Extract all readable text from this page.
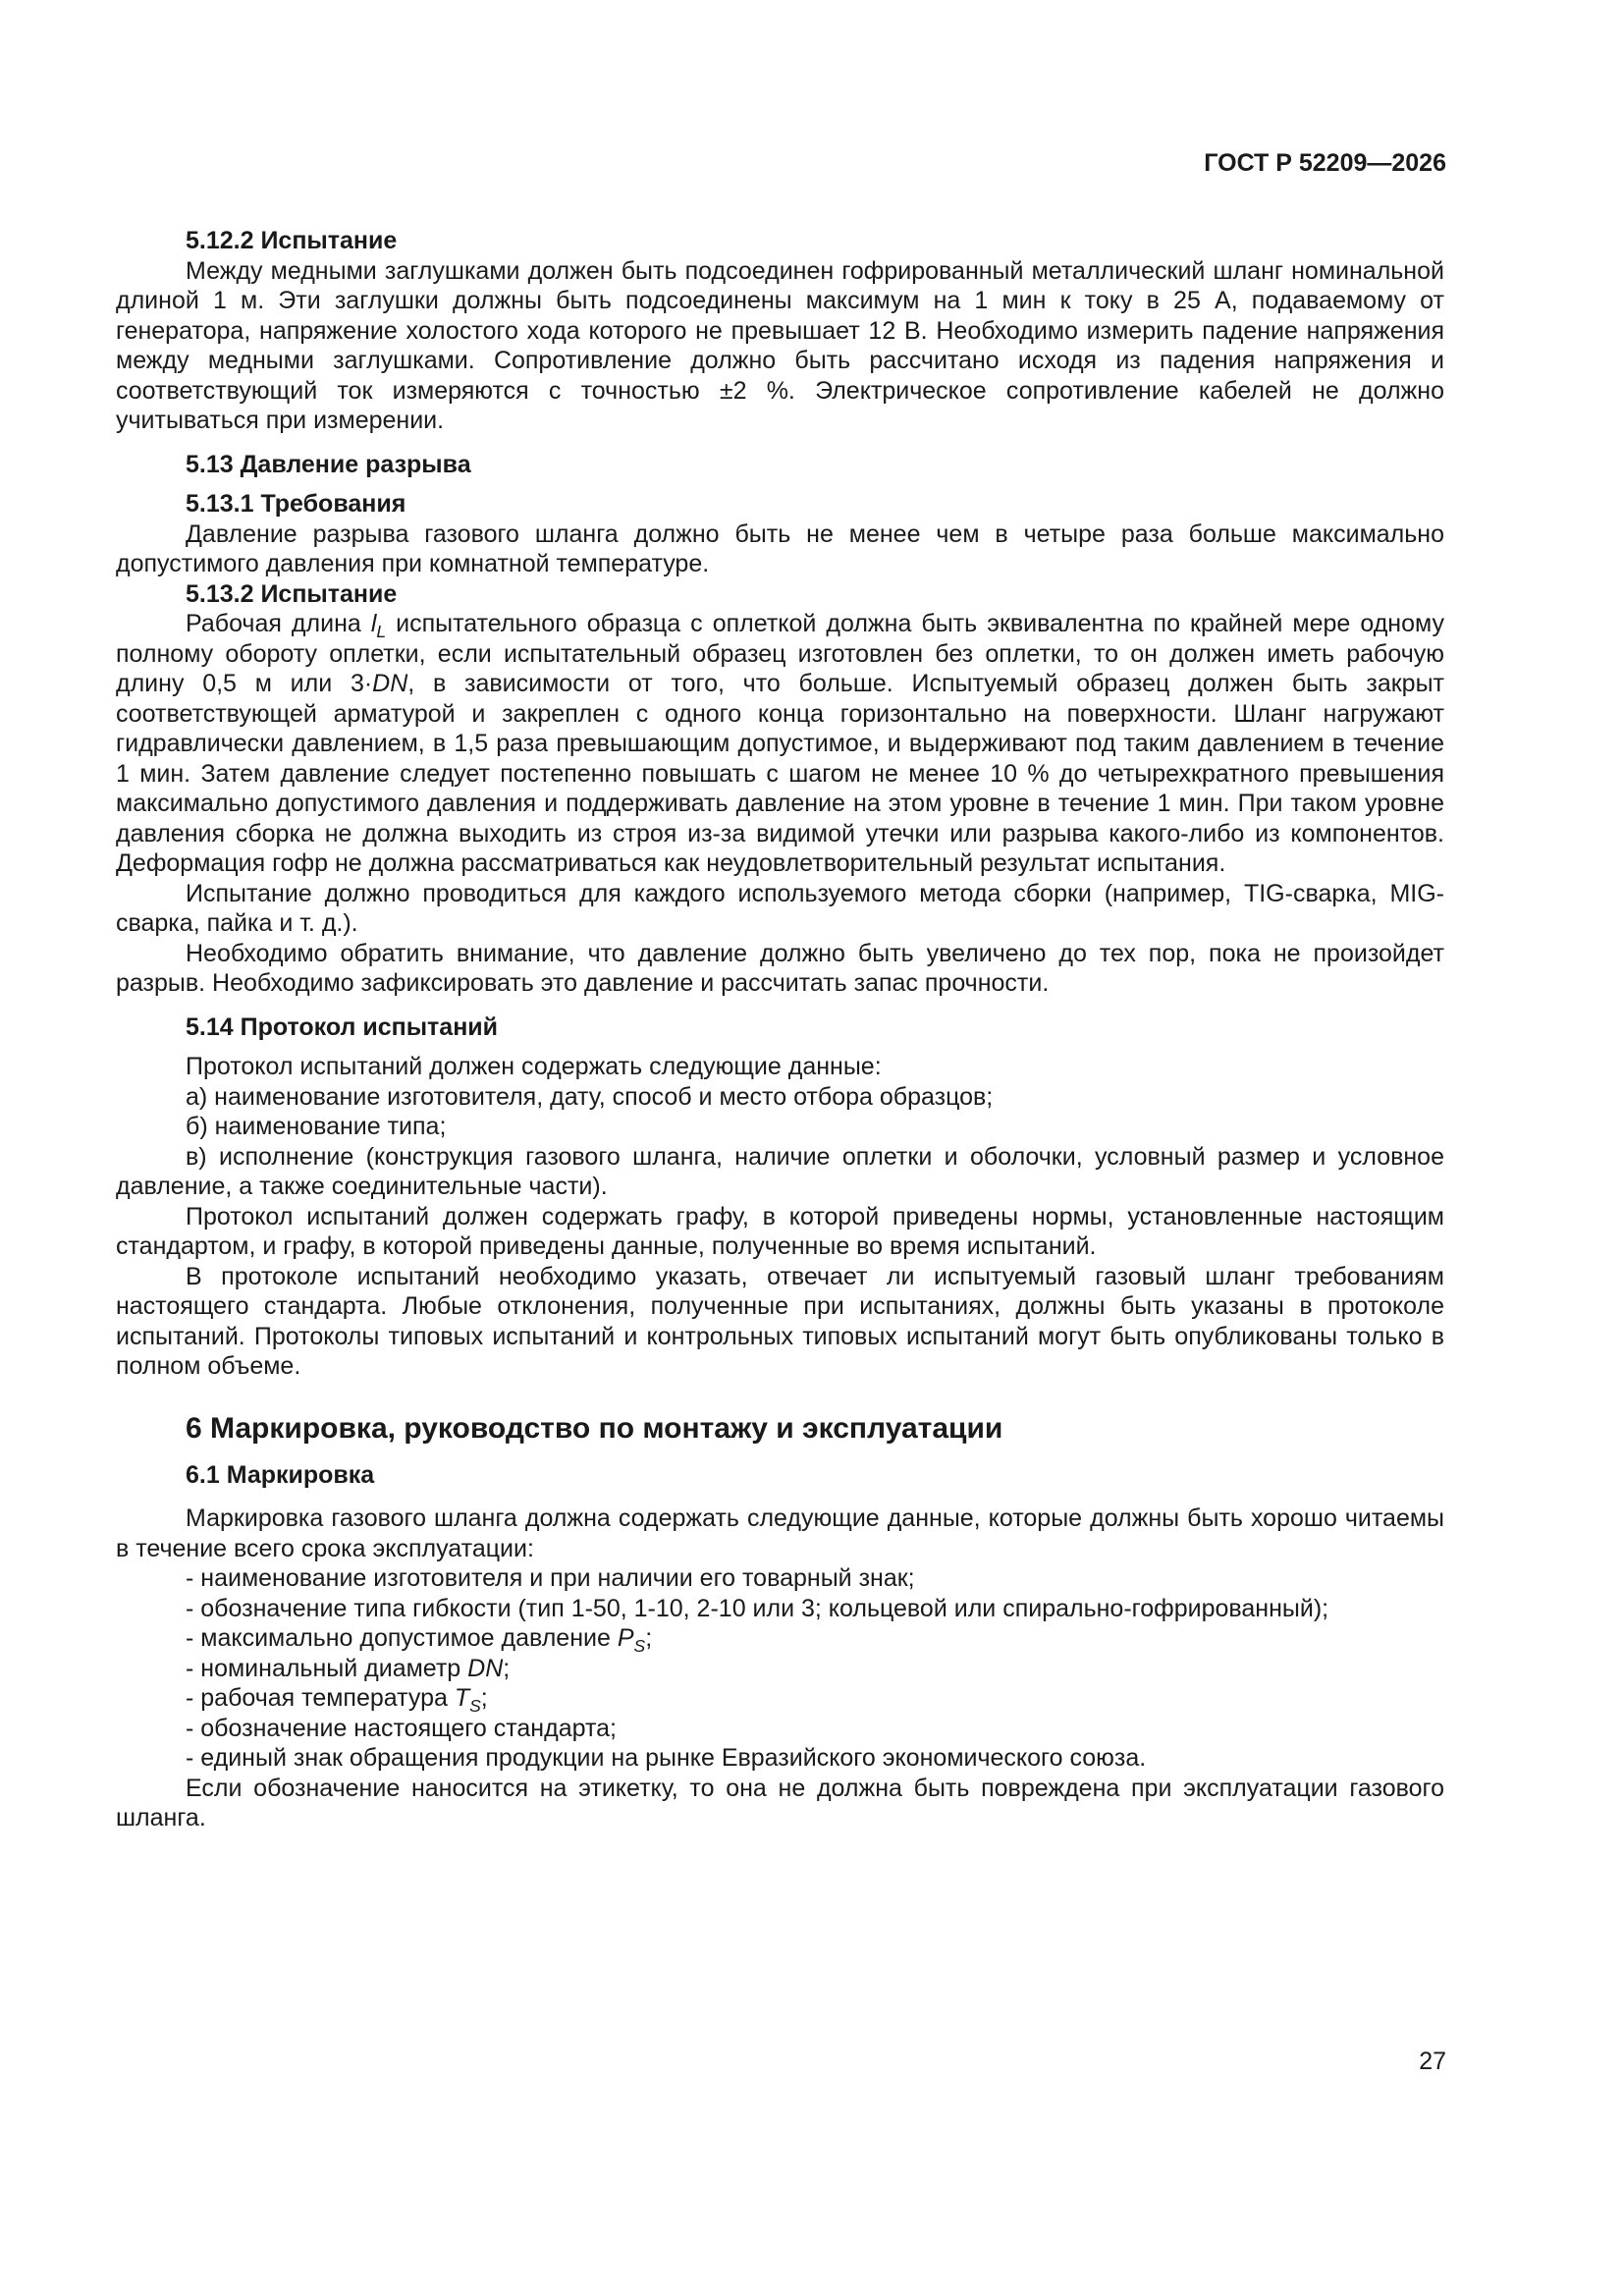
ГОСТ Р 52209—2026

5.12.2 Испытание

Между медными заглушками должен быть подсоединен гофрированный металлический шланг номинальной длиной 1 м. Эти заглушки должны быть подсоединены максимум на 1 мин к току в 25 А, подаваемому от генератора, напряжение холостого хода которого не превышает 12 В. Необходимо измерить падение напряжения между медными заглушками. Сопротивление должно быть рассчитано исходя из падения напряжения и соответствующий ток измеряются с точностью ±2 %. Электрическое сопротивление кабелей не должно учитываться при измерении.

5.13 Давление разрыва

5.13.1 Требования

Давление разрыва газового шланга должно быть не менее чем в четыре раза больше максимально допустимого давления при комнатной температуре.

5.13.2 Испытание

Рабочая длина $l_L$ испытательного образца с оплеткой должна быть эквивалентна по крайней мере одному полному обороту оплетки, если испытательный образец изготовлен без оплетки, то он должен иметь рабочую длину 0,5 м или 3·DN, в зависимости от того, что больше. Испытуемый образец должен быть закрыт соответствующей арматурой и закреплен с одного конца горизонтально на поверхности. Шланг нагружают гидравлически давлением, в 1,5 раза превышающим допустимое, и выдерживают под таким давлением в течение 1 мин. Затем давление следует постепенно повышать с шагом не менее 10 % до четырехкратного превышения максимально допустимого давления и поддерживать давление на этом уровне в течение 1 мин. При таком уровне давления сборка не должна выходить из строя из-за видимой утечки или разрыва какого-либо из компонентов. Деформация гофр не должна рассматриваться как неудовлетворительный результат испытания.

Испытание должно проводиться для каждого используемого метода сборки (например, TIG-сварка, MIG-сварка, пайка и т. д.).

Необходимо обратить внимание, что давление должно быть увеличено до тех пор, пока не произойдет разрыв. Необходимо зафиксировать это давление и рассчитать запас прочности.

5.14 Протокол испытаний

Протокол испытаний должен содержать следующие данные:

а) наименование изготовителя, дату, способ и место отбора образцов;

б) наименование типа;

в) исполнение (конструкция газового шланга, наличие оплетки и оболочки, условный размер и условное давление, а также соединительные части).

Протокол испытаний должен содержать графу, в которой приведены нормы, установленные настоящим стандартом, и графу, в которой приведены данные, полученные во время испытаний.

В протоколе испытаний необходимо указать, отвечает ли испытуемый газовый шланг требованиям настоящего стандарта. Любые отклонения, полученные при испытаниях, должны быть указаны в протоколе испытаний. Протоколы типовых испытаний и контрольных типовых испытаний могут быть опубликованы только в полном объеме.

6 Маркировка, руководство по монтажу и эксплуатации

6.1 Маркировка

Маркировка газового шланга должна содержать следующие данные, которые должны быть хорошо читаемы в течение всего срока эксплуатации:

- наименование изготовителя и при наличии его товарный знак;

- обозначение типа гибкости (тип 1-50, 1-10, 2-10 или 3; кольцевой или спирально-гофрированный);

- максимально допустимое давление $P_S$;

- номинальный диаметр DN;

- рабочая температура $T_S$;

- обозначение настоящего стандарта;

- единый знак обращения продукции на рынке Евразийского экономического союза.

Если обозначение наносится на этикетку, то она не должна быть повреждена при эксплуатации газового шланга.

27
